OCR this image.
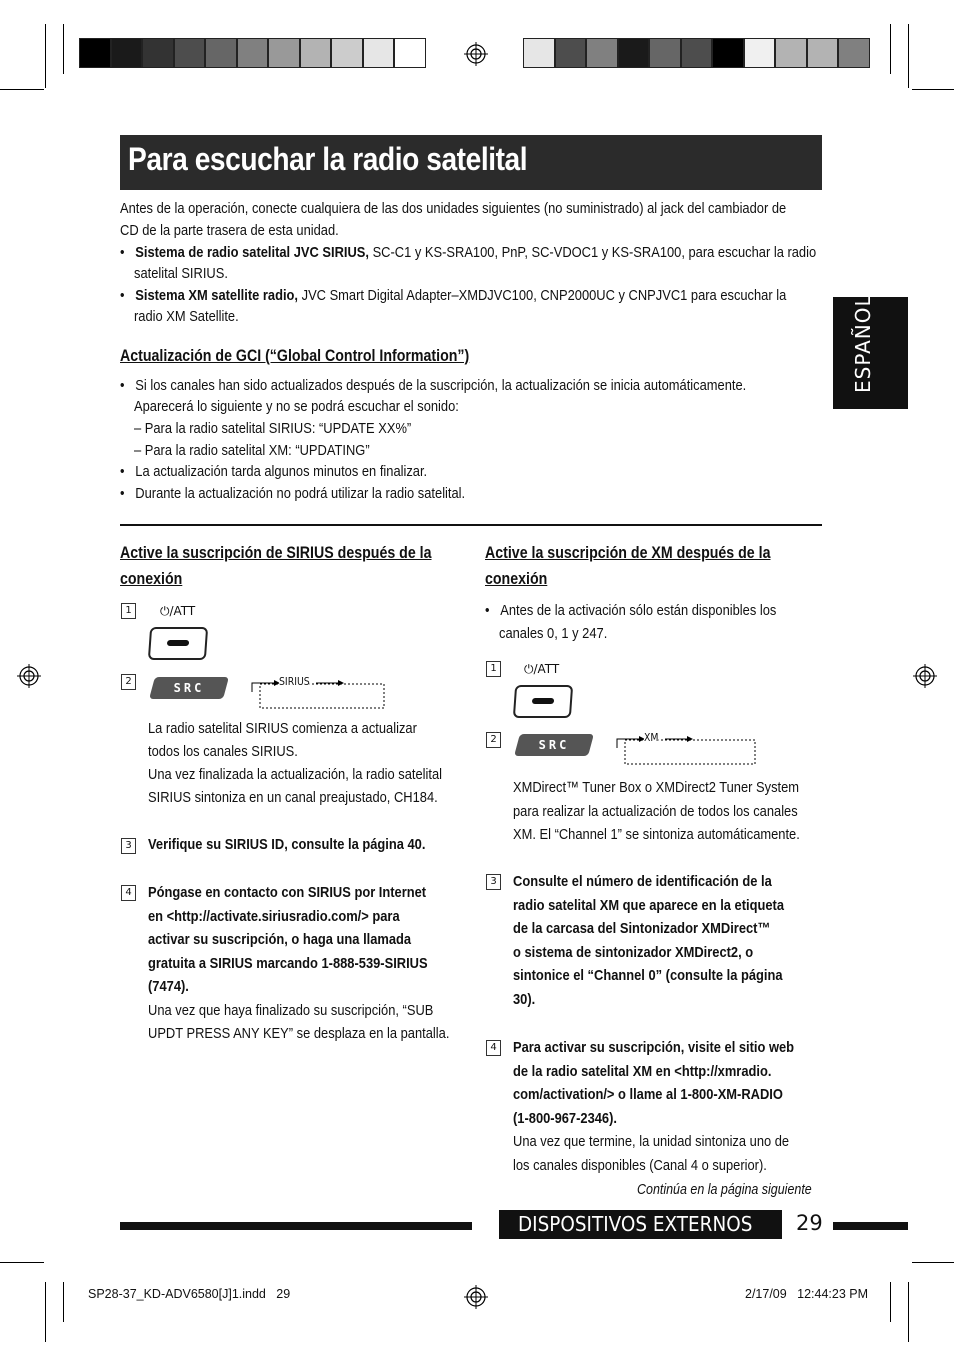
Para escuchar la radio satelital
ESPAÑOL
Antes de la operación, conecte cualquiera de las dos unidades siguientes (no suministrado) al jack del cambiador de
CD de la parte trasera de esta unidad.
•   Sistema de radio satelital JVC SIRIUS, SC-C1 y KS-SRA100, PnP, SC-VDOC1 y KS-SRA100, para escuchar la radio
satelital SIRIUS.
•   Sistema XM satellite radio, JVC Smart Digital Adapter–XMDJVC100, CNP2000UC y CNPJVC1 para escuchar la
radio XM Satellite.
Actualización de GCI (“Global Control Information”)
•   Si los canales han sido actualizados después de la suscripción, la actualización se inicia automáticamente.
Aparecerá lo siguiente y no se podrá escuchar el sonido:
– Para la radio satelital SIRIUS: “UPDATE XX%”
– Para la radio satelital XM: “UPDATING”
•   La actualización tarda algunos minutos en finalizar.
•   Durante la actualización no podrá utilizar la radio satelital.
Active la suscripción de SIRIUS después de la
conexión
1	⏻/ATT
2	SRC	SIRIUS
La radio satelital SIRIUS comienza a actualizar
todos los canales SIRIUS.
Una vez finalizada la actualización, la radio satelital
SIRIUS sintoniza en un canal preajustado, CH184.
3 Verifique su SIRIUS ID, consulte la página 40.
4 Póngase en contacto con SIRIUS por Internet
en <http://activate.siriusradio.com/> para
activar su suscripción, o haga una llamada
gratuita a SIRIUS marcando 1-888-539-SIRIUS
(7474).
Una vez que haya finalizado su suscripción, “SUB
UPDT PRESS ANY KEY” se desplaza en la pantalla.
Active la suscripción de XM después de la
conexión
•   Antes de la activación sólo están disponibles los
canales 0, 1 y 247.
1	⏻/ATT
2	SRC
XM
XMDirect™ Tuner Box o XMDirect2 Tuner System
para realizar la actualización de todos los canales
XM. El “Channel 1” se sintoniza automáticamente.
3 Consulte el número de identificación de la
radio satelital XM que aparece en la etiqueta
de la carcasa del Sintonizador XMDirect™
o sistema de sintonizador XMDirect2, o
sintonice el “Channel 0” (consulte la página
30).
4 Para activar su suscripción, visite el sitio web
de la radio satelital XM en <http://xmradio.
com/activation/> o llame al 1-800-XM-RADIO
(1-800-967-2346).
Una vez que termine, la unidad sintoniza uno de
los canales disponibles (Canal 4 o superior).
Continúa en la página siguiente
DISPOSITIVOS EXTERNOS 29
SP28-37_KD-ADV6580[J]1.indd   29	2/17/09   12:44:23 PM
